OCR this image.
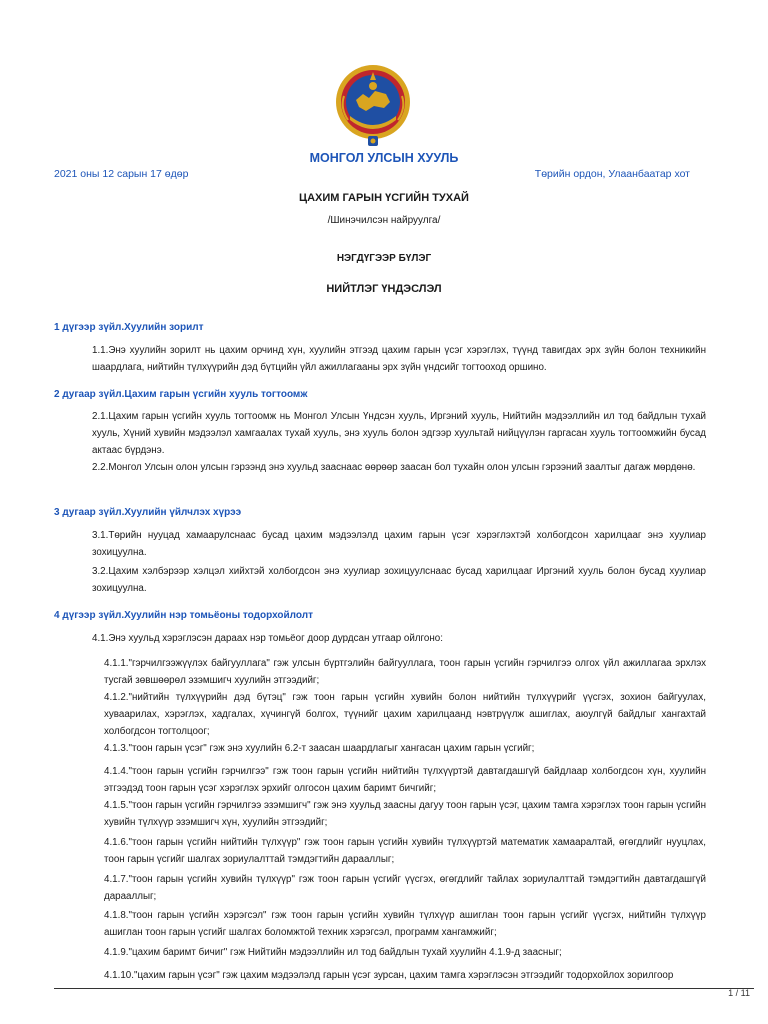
МОНГОЛ УЛСЫН ХУУЛЬ
2021 оны 12 сарын 17 өдөр	Төрийн ордон, Улаанбаатар хот
ЦАХИМ ГАРЫН ҮСГИЙН ТУХАЙ
/Шинэчилсэн найруулга/
НЭГДҮГЭЭР БҮЛЭГ
НИЙТЛЭГ ҮНДЭСЛЭЛ
1 дүгээр зүйл.Хуулийн зорилт

1.1.Энэ хуулийн зорилт нь цахим орчинд хүн, хуулийн этгээд цахим гарын үсэг хэрэглэх, түүнд тавигдах эрх зүйн болон техникийн шаардлага, нийтийн түлхүүрийн дэд бүтцийн үйл ажиллагааны эрх зүйн үндсийг тогтооход оршино.

2 дугаар зүйл.Цахим гарын үсгийн хууль тогтоомж

2.1.Цахим гарын үсгийн хууль тогтоомж нь Монгол Улсын Үндсэн хууль, Иргэний хууль, Нийтийн мэдээллийн ил тод байдлын тухай хууль, Хүний хувийн мэдээлэл хамгаалах тухай хууль, энэ хууль болон эдгээр хуультай нийцүүлэн гаргасан хууль тогтоомжийн бусад актаас бүрдэнэ.

2.2.Монгол Улсын олон улсын гэрээнд энэ хуульд зааснаас өөрөөр заасан бол тухайн олон улсын гэрээний заалтыг дагаж мөрдөнө.

3 дугаар зүйл.Хуулийн үйлчлэх хүрээ

3.1.Төрийн нууцад хамаарулснаас бусад цахим мэдээлэлд цахим гарын үсэг хэрэглэхтэй холбогдсон харилцааг энэ хуулиар зохицуулна.

3.2.Цахим хэлбэрээр хэлцэл хийхтэй холбогдсон энэ хуулиар зохицуулснаас бусад харилцааг Иргэний хууль болон бусад хуулиар зохицуулна.

4 дүгээр зүйл.Хуулийн нэр томьёоны тодорхойлолт

4.1.Энэ хуульд хэрэглэсэн дараах нэр томьёог доор дурдсан утгаар ойлгоно:

4.1.1."гэрчилгээжүүлэх байгууллага" гэж улсын бүртгэлийн байгууллага, тоон гарын үсгийн гэрчилгээ олгох үйл ажиллагаа эрхлэх тусгай зөвшөөрөл эзэмшигч хуулийн этгээдийг;

4.1.2."нийтийн түлхүүрийн дэд бүтэц" гэж тоон гарын үсгийн хувийн болон нийтийн түлхүүрийг үүсгэх, зохион байгуулах, хуваарилах, хэрэглэх, хадгалах, хүчингүй болгох, түүнийг цахим харилцаанд нэвтрүүлж ашиглах, аюулгүй байдлыг хангахтай холбогдсон тогтолцоог;

4.1.3."тоон гарын үсэг" гэж энэ хуулийн 6.2-т заасан шаардлагыг хангасан цахим гарын үсгийг;

4.1.4."тоон гарын үсгийн гэрчилгээ" гэж тоон гарын үсгийн нийтийн түлхүүртэй давтагдашгүй байдлаар холбогдсон хүн, хуулийн этгээдэд тоон гарын үсэг хэрэглэх эрхийг олгосон цахим баримт бичгийг;

4.1.5."тоон гарын үсгийн гэрчилгээ эзэмшигч" гэж энэ хуульд заасны дагуу тоон гарын үсэг, цахим тамга хэрэглэх тоон гарын үсгийн хувийн түлхүүр эзэмшигч хүн, хуулийн этгээдийг;

4.1.6."тоон гарын үсгийн нийтийн түлхүүр" гэж тоон гарын үсгийн хувийн түлхүүртэй математик хамааралтай, өгөгдлийг нууцлах, тоон гарын үсгийг шалгах зориулалттай тэмдэгтийн дарааллыг;

4.1.7."тоон гарын үсгийн хувийн түлхүүр" гэж тоон гарын үсгийг үүсгэх, өгөгдлийг тайлах зориулалттай тэмдэгтийн давтагдашгүй дарааллыг;

4.1.8."тоон гарын үсгийн хэрэгсэл" гэж тоон гарын үсгийн хувийн түлхүүр ашиглан тоон гарын үсгийг үүсгэх, нийтийн түлхүүр ашиглан тоон гарын үсгийг шалгах боломжтой техник хэрэгсэл, программ хангамжийг;

4.1.9."цахим баримт бичиг" гэж Нийтийн мэдээллийн ил тод байдлын тухай хуулийн 4.1.9-д заасныг;

4.1.10."цахим гарын үсэг" гэж цахим мэдээлэлд гарын үсэг зурсан, цахим тамга хэрэглэсэн этгээдийг тодорхойлох зорилгоор

1 / 11
